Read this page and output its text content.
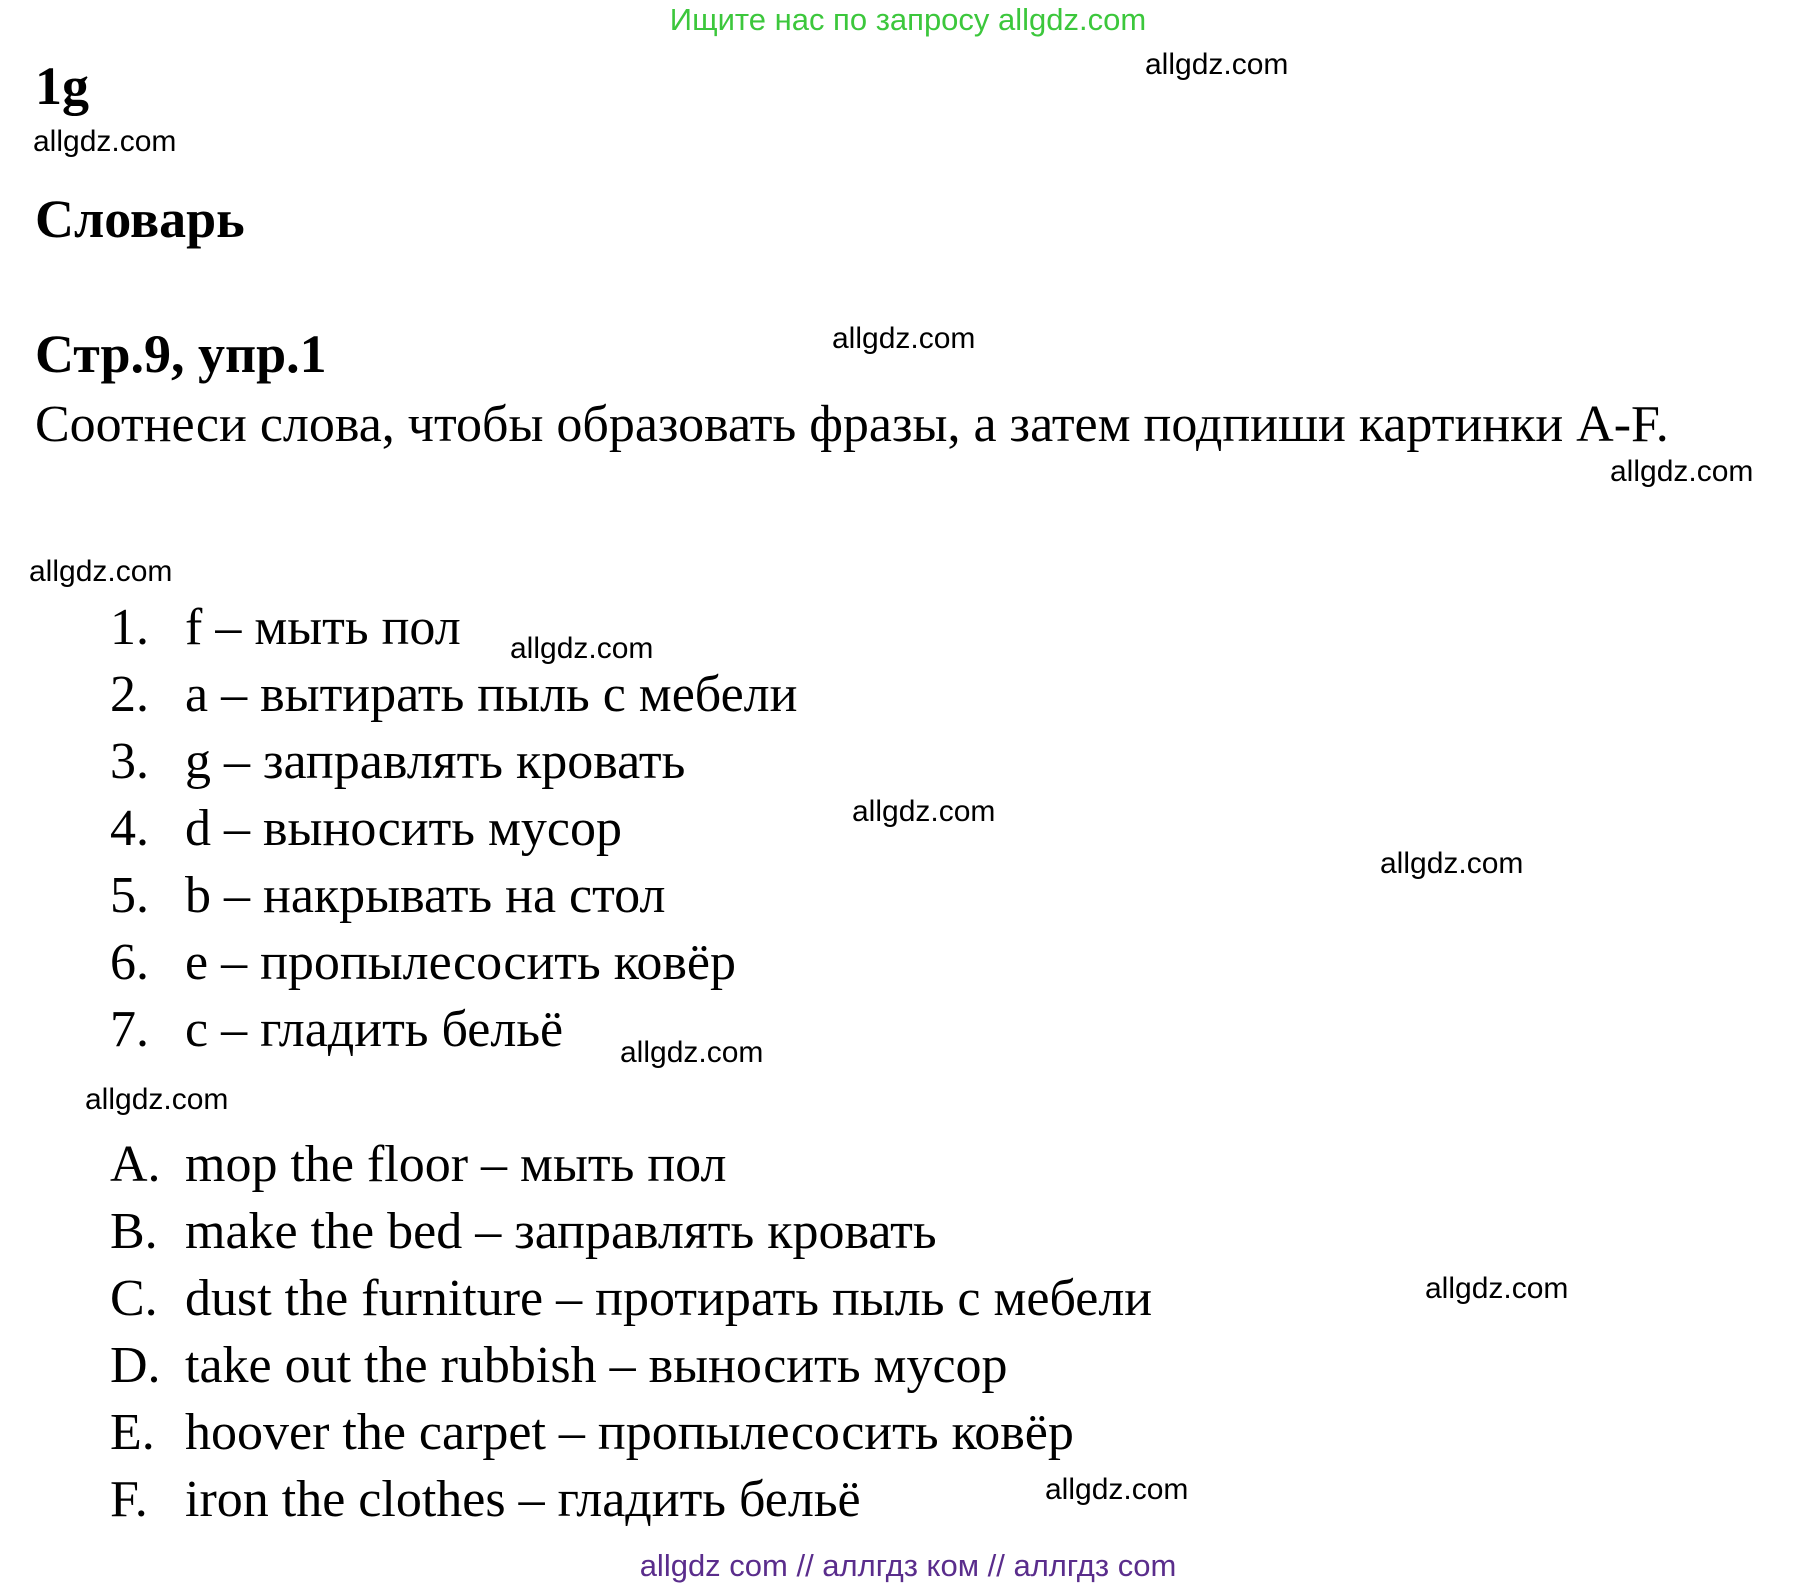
Ищите нас по запросу allgdz.com
1g
Словарь
Стр.9, упр.1
Соотнеси слова, чтобы образовать фразы, а затем подпиши картинки A-F.
1. f – мыть пол
2. a – вытирать пыль с мебели
3. g – заправлять кровать
4. d – выносить мусор
5. b – накрывать на стол
6. e – пропылесосить ковёр
7. c – гладить бельё
A. mop the floor – мыть пол
B. make the bed – заправлять кровать
C. dust the furniture – протирать пыль с мебели
D. take out the rubbish – выносить мусор
E. hoover the carpet – пропылесосить ковёр
F. iron the clothes – гладить бельё
allgdz.com
allgdz.com
allgdz.com
allgdz.com
allgdz.com
allgdz.com
allgdz.com
allgdz.com
allgdz.com
allgdz.com
allgdz.com
allgdz.com
allgdz com // аллгдз ком // аллгдз com
